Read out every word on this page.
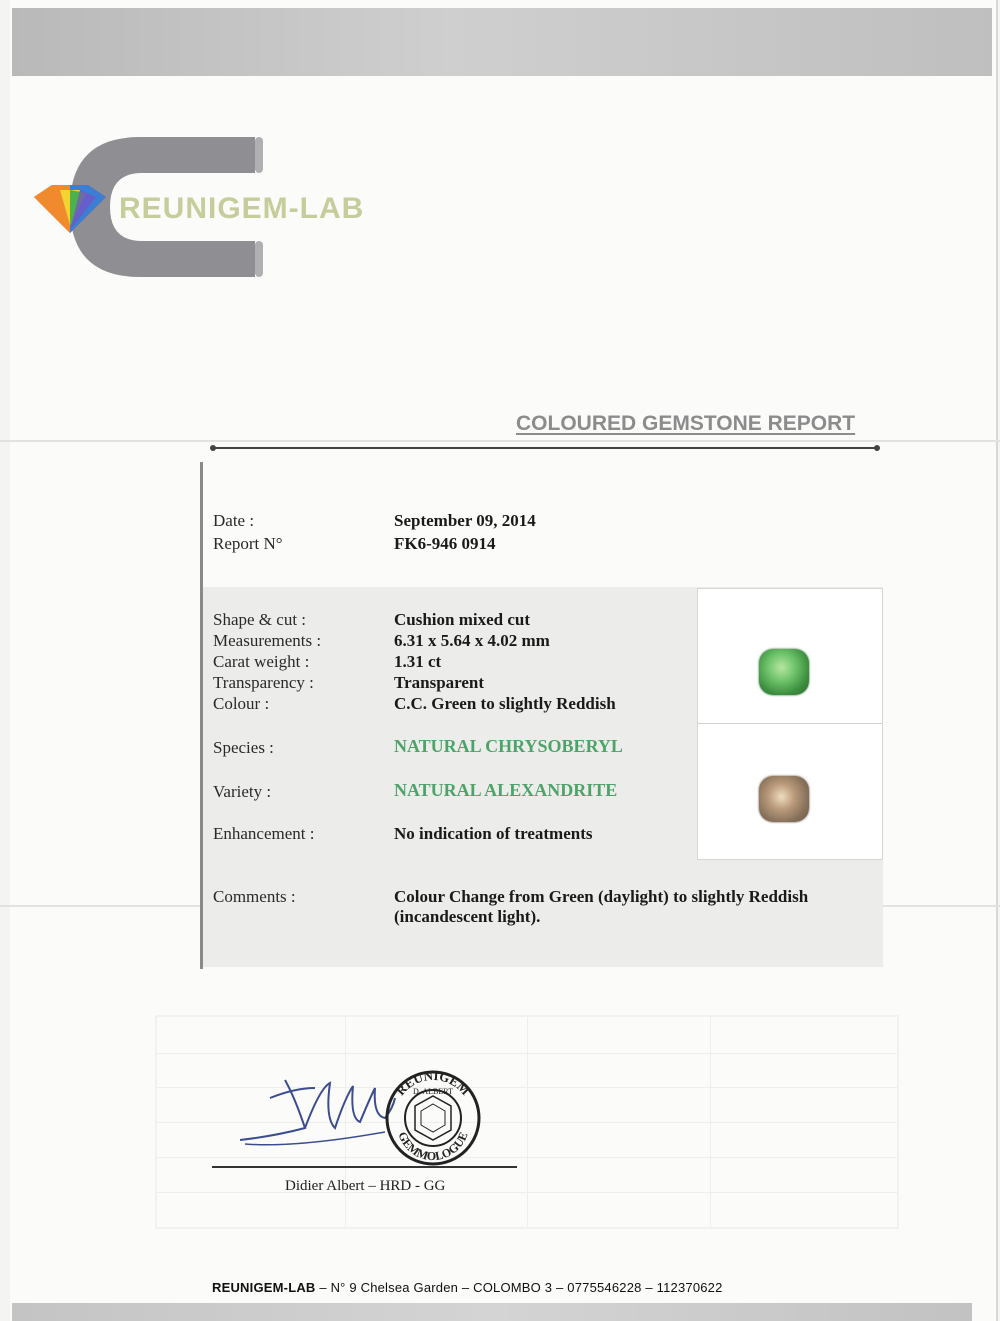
REUNIGEM-LAB
COLOURED GEMSTONE REPORT
Date :	September 09, 2014
Report N°	FK6-946 0914
Shape & cut :	Cushion mixed cut
Measurements :	6.31 x 5.64 x 4.02 mm
Carat weight :	1.31 ct
Transparency :	Transparent
Colour :	C.C. Green to slightly Reddish
Species :	NATURAL CHRYSOBERYL
Variety :	NATURAL ALEXANDRITE
Enhancement :	No indication of treatments
Comments :	Colour Change from Green (daylight) to slightly Reddish
(incandescent light).
REUNIGEM
GEMMOLOGUE
D. ALBERT
Didier Albert – HRD - GG
REUNIGEM-LAB – N° 9 Chelsea Garden – COLOMBO 3 – 0775546228 – 112370622
